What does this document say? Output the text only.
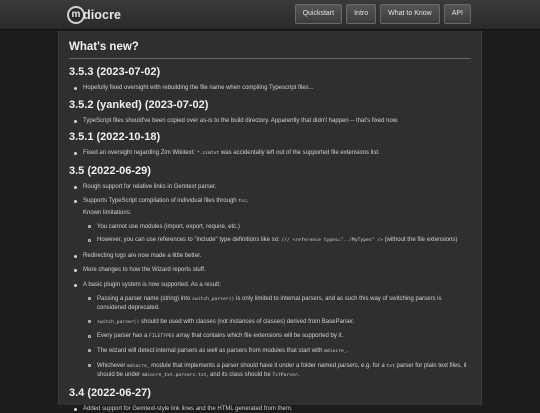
m diocre	Quickstart	Intro	What to Know	API
What's new?
3.5.3 (2023-07-02)
Hopefully fixed oversight with rebuilding the file name when compiling Typescript files...
3.5.2 (yanked) (2023-07-02)
TypeScript files should've been copied over as-is to the build directory. Apparently that didn't happen -- that's fixed now.
3.5.1 (2022-10-18)
Fixed an oversight regarding Zim Wikitext: *.zimtxt was accidentally left out of the supported file extensions list.
3.5 (2022-06-29)
Rough support for relative links in Gemtext parser.
Supports TypeScript compilation of individual files through tsc.
Known limitations:
You cannot use modules (import, export, require, etc.)
However, you can use references to "include" type definitions like so: /// <reference types="../MyTypes" /> (without the file extensions)
Redirecting logs are now made a little better.
More changes to how the Wizard reports stuff.
A basic plugin system is now supported. As a result:
Passing a parser name (string) into switch_parser() is only limited to internal parsers, and as such this way of switching parsers is considered deprecated.
switch_parser() should be used with classes (not instances of classes) derived from BaseParser.
Every parser has a FILETYPES array that contains which file extensions will be supported by it.
The wizard will detect internal parsers as well as parsers from modules that start with mdiocre_.
Whichever mdiocre_ module that implements a parser should have it under a folder named parsers, e.g. for a txt parser for plain text files, it should be under mdiocre_txt.parsers.txt, and its class should be TxtParser.
3.4 (2022-06-27)
Added support for Gemtext-style link lines and the HTML generated from them.
